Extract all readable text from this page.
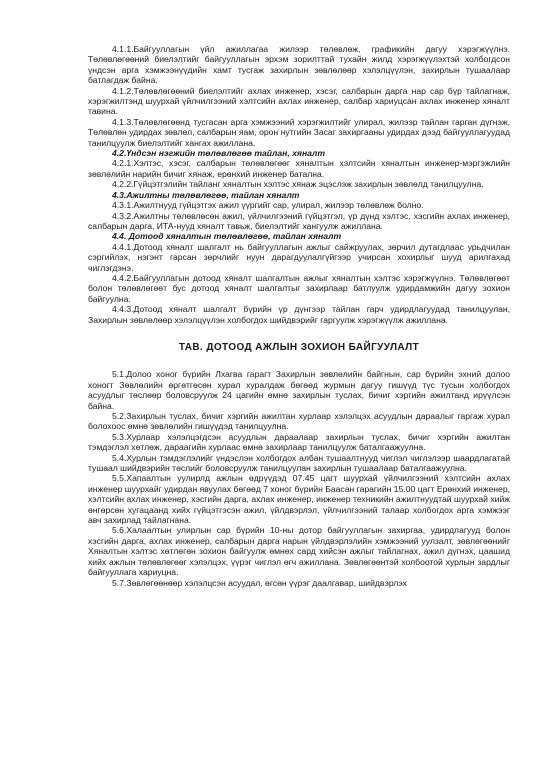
4.1.1.Байгууллагын үйл ажиллагаа жилээр төлөвлөж, графикийн дагуу хэрэгжүүлнэ. Төлөвлөгөөний биелэлтийг байгууллагын эрхэм зорилттай тухайн жилд хэрэгжүүлэхтэй холбогдсон үндсэн арга хэмжээнүүдийн хамт тусгаж захирлын зөвлөлөөр хэлэлцүүлэн, захирлын тушаалаар батлагдаж байна.

4.1.2.Төлөвлөгөөний биелэлтийг ахлах инженер, хэсэг, салбарын дарга нар сар бүр тайлагнаж, хэрэгжилтэнд шуурхай үйлчилгээний хэлтсийн ахлах инженер, салбар хариуцсан ахлах инженер хяналт тавина.

4.1.3.Төлөвлөгөөнд тусгасан арга хэмжээний хэрэгжилтийг улирал, жилээр тайлан гарган дүгнэж, Төлөвлөн удирдах зөвлөл, салбарын яам, орон нутгийн Засаг захиргааны удирдах дээд байгууллагуудад танилцуулж биелэлтийг хангах ажиллана.

4.2.Үндсэн нэгжийн төлөвлөгөө тайлан, хяналт

4.2.1.Хэлтэс, хэсэг, салбарын төлөвлөгөөг хяналтын хэлтсийн хяналтын инженер-мэргэжлийн зөвлөлийн нарийн бичиг хянаж, ерөнхий инженер батална.

4.2.2.Гүйцэтгэлийн тайланг хяналтын хэлтэс хянаж эцэслэж захирлын зөвлөлд танилцуулна.

4.3.Ажилтны төлөвлөгөө, тайлан хяналт

4.3.1.Ажилтнууд гүйцэтгэх ажил үүргийг сар, улирал, жилээр төлөвлөж болно.

4.3.2.Ажилтны төлөвлөсөн ажил, үйлчилгээний гүйцэтгэл, үр дүнд хэлтэс, хэсгийн ахлах инженер, салбарын дарга, ИТА-нууд хяналт тавьж, биелэлтийг хангуулж ажиллана.

4.4. Дотоод хяналтын төлөвлөгөө, тайлан хяналт

4.4.1.Дотоод хяналт шалгалт нь байгууллагын ажлыг сайжруулах, зөрчил дутагдлаас урьдчилан сэргийлэх, нэгэнт гарсан зөрчлийг нуун дарагдуулалгүйгээр учирсан хохирлыг шууд арилгахад чиглэгдэнэ.

4.4.2.Байгууллагын дотоод хяналт шалгалтын ажлыг хяналтын хэлтэс хэрэгжүүлнэ. Төлөвлөгөөт болон төлөвлөгөөт бус дотоод хяналт шалгалтыг захирлаар батлуулж удирдамжийн дагуу зохион байгуулна.

4.4.3.Дотоод хяналт шалгалт бүрийн үр дүнгээр тайлан гарч удирдлагуудад танилцуулан, Захирлын зөвлөлөөр хэлэлцүүлэн холбогдох шийдвэрийг гаргуулж хэрэгжүүлж ажиллана.

ТАВ. ДОТООД АЖЛЫН ЗОХИОН БАЙГУУЛАЛТ

5.1.Долоо хоног бүрийн Лхагва гарагт Захирлын зөвлөлийн байгнын, сар бүрийн эхний долоо хоногт Зөвлөлийн өргөтгөсөн хурал хуралдаж бөгөөд журмын дагуу гишүүд түс тусын холбогдох асуудлыг төслөөр боловсруулж 24 цагийн өмнө захирлын туслах, бичиг хэргийн ажилтанд ирүүлсэн байна.

5.2.Захирлын туслах, бичиг хэргийн ажилтан хурлаар хэлэлцэх асуудлын дараалыг гаргаж хурал болохоос өмнө зөвлөлийн гишүүдэд танилцуулна.

5.3.Хурлаар хэлэлцэгдсэн асуудлын дараалаар захирлын туслах, бичиг хэргийн ажилтан тэмдэглэл хөтлөж, дараагийн хурлаас өмнө захирлаар танилцуулж баталгаажуулна.

5.4.Хурлын тэмдэглэлийг үндэслэн холбогдох албан тушаалтнууд чиглэл чиглэлээр шаардлагатай тушаал шийдвэрийн төслийг боловсруулж танилцуулан захирлын тушаалаар баталгаажуулна.

5.5.Хапаалтын уулирлд ажлын өдрүүдэд 07.45 цагт шуурхай үйлчилгээний хэлтсийн ахлах инженер шуурхайг удирдан явуулах бөгөөд 7 хоног бүрийн Баасан гарагийн 15.00 цагт Ерөнхий инженер, хэлтсийн ахлах инженер, хэсгийн дарга, ахлах инженер, инженер техникийн ажилтнуудтай шуурхай хийж өнгөрсөн хугацаанд хийх гүйцэтгэсэн ажил, үйлдвэрлэл, үйлчилгээний талаар холбогдох арга хэмжээг авч захирлад тайлагнана.

5.6.Халаалтын улирлын сар бүрийн 10-ны дотор байгууллагын захиргаа, удирдлагууд болон хэсгийн дарга, ахлах инженер, салбарын дарга нарын үйлдвэрлэлийн хэмжээний уулзалт, зөвлөгөөнийг Хяналтын хэлтэс хөтлөгөн зохион байгуулж өмнөх сард хийсэн ажлыг тайлагнах, ажил дүгнэх, цаашид хийх ажлын төлөвлөгөөг хэлэлцэх, үүрэг чиглэл өгч ажиллана. Зөвлөгөөнтэй холбоотой хурлын зардлыг байгууллага хариуцна.

5.7.Зөвлөгөөнөөр хэлэлцсэн асуудал, өгсөн үүрэг даалгавар, шийдвэрлэх
